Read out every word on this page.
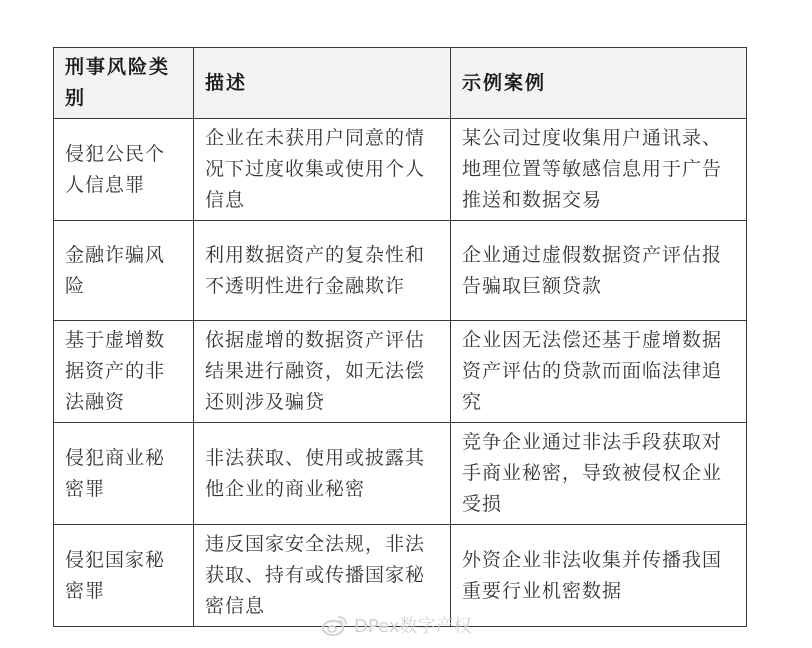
刑事风险类别	描述	示例案例
侵犯公民个人信息罪	企业在未获用户同意的情况下过度收集或使用个人信息	某公司过度收集用户通讯录、地理位置等敏感信息用于广告推送和数据交易
金融诈骗风险	利用数据资产的复杂性和不透明性进行金融欺诈	企业通过虚假数据资产评估报告骗取巨额贷款
基于虚增数据资产的非法融资	依据虚增的数据资产评估结果进行融资，如无法偿还则涉及骗贷	企业因无法偿还基于虚增数据资产评估的贷款而面临法律追究
侵犯商业秘密罪	非法获取、使用或披露其他企业的商业秘密	竞争企业通过非法手段获取对手商业秘密，导致被侵权企业受损
侵犯国家秘密罪	违反国家安全法规，非法获取、持有或传播国家秘密信息	外资企业非法收集并传播我国重要行业机密数据
DPex数字产权
